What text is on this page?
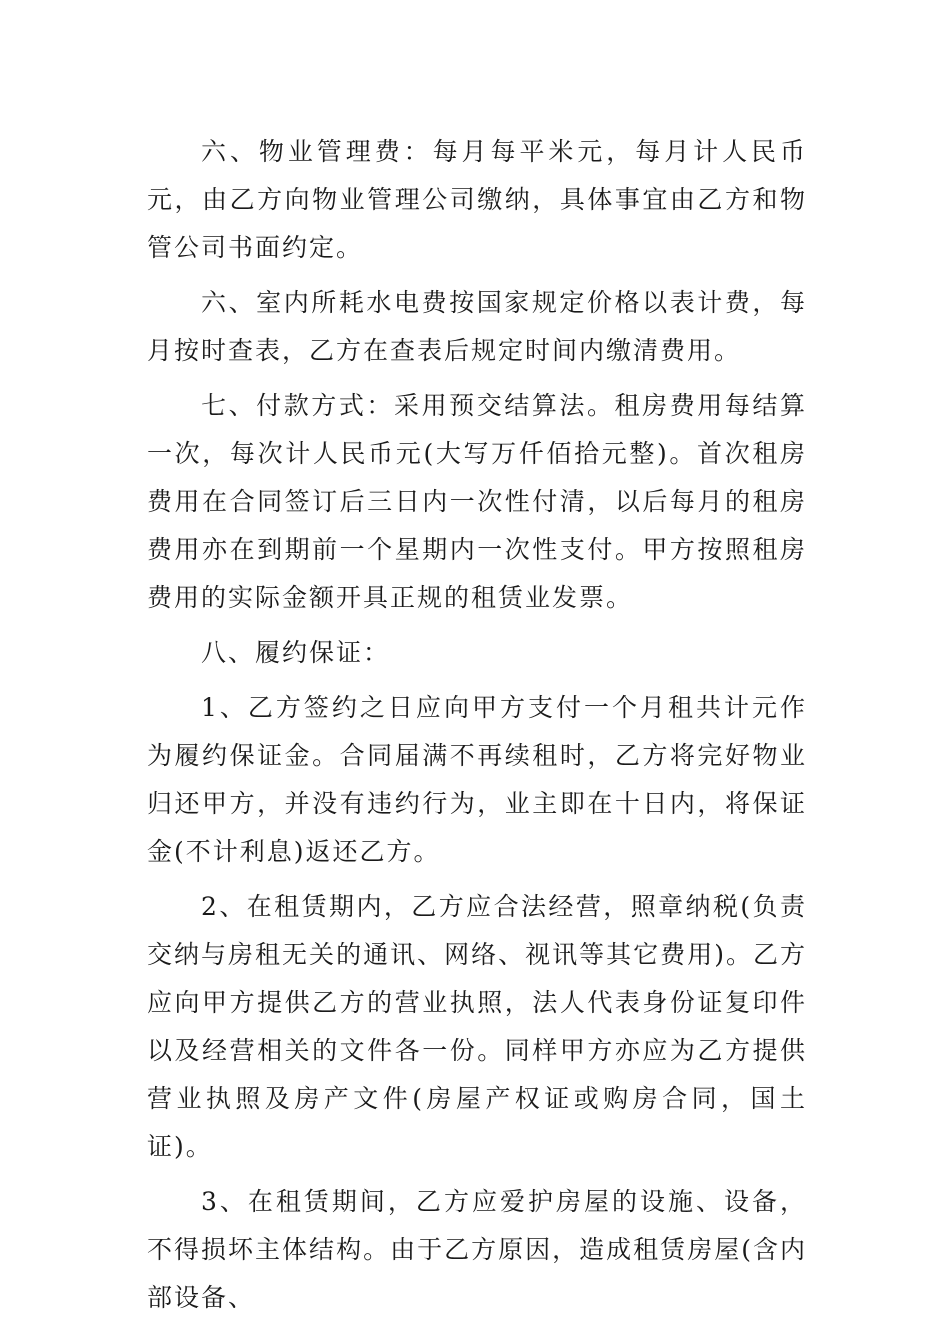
六、物业管理费：每月每平米元，每月计人民币元，由乙方向物业管理公司缴纳，具体事宜由乙方和物管公司书面约定。

六、室内所耗水电费按国家规定价格以表计费，每月按时查表，乙方在查表后规定时间内缴清费用。

七、付款方式：采用预交结算法。租房费用每结算一次，每次计人民币元(大写万仟佰拾元整)。首次租房费用在合同签订后三日内一次性付清，以后每月的租房费用亦在到期前一个星期内一次性支付。甲方按照租房费用的实际金额开具正规的租赁业发票。

八、履约保证：

1、乙方签约之日应向甲方支付一个月租共计元作为履约保证金。合同届满不再续租时，乙方将完好物业归还甲方，并没有违约行为，业主即在十日内，将保证金(不计利息)返还乙方。

2、在租赁期内，乙方应合法经营，照章纳税(负责交纳与房租无关的通讯、网络、视讯等其它费用)。乙方应向甲方提供乙方的营业执照，法人代表身份证复印件以及经营相关的文件各一份。同样甲方亦应为乙方提供营业执照及房产文件(房屋产权证或购房合同，国土证)。

3、在租赁期间，乙方应爱护房屋的设施、设备，不得损坏主体结构。由于乙方原因，造成租赁房屋(含内部设备、
